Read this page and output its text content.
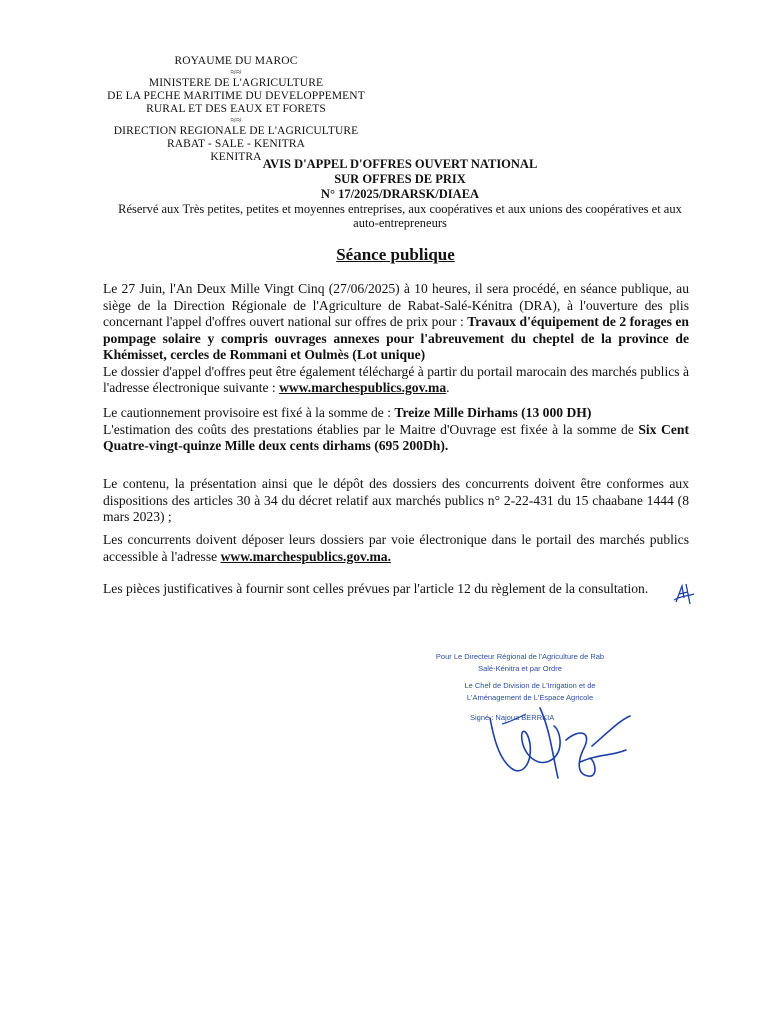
ROYAUME DU MAROC
≈≈
MINISTERE DE L'AGRICULTURE
DE LA PECHE MARITIME DU DEVELOPPEMENT
RURAL ET DES EAUX ET FORETS
≈≈
DIRECTION REGIONALE DE L'AGRICULTURE
RABAT - SALE - KENITRA
KENITRA AVIS D'APPEL D'OFFRES OUVERT NATIONAL
SUR OFFRES DE PRIX
N° 17/2025/DRARSK/DIAEA
Réservé aux Très petites, petites et moyennes entreprises, aux coopératives et aux unions des coopératives et aux
auto-entrepreneurs
Séance publique
Le 27 Juin, l'An Deux Mille Vingt Cinq (27/06/2025) à 10 heures, il sera procédé, en séance publique, au siège de la Direction Régionale de l'Agriculture de Rabat-Salé-Kénitra (DRA), à l'ouverture des plis concernant l'appel d'offres ouvert national sur offres de prix pour : Travaux d'équipement de 2 forages en pompage solaire y compris ouvrages annexes pour l'abreuvement du cheptel de la province de Khémisset, cercles de Rommani et Oulmès (Lot unique)
Le dossier d'appel d'offres peut être également téléchargé à partir du portail marocain des marchés publics à l'adresse électronique suivante : www.marchespublics.gov.ma.
Le cautionnement provisoire est fixé à la somme de : Treize Mille Dirhams (13 000 DH)
L'estimation des coûts des prestations établies par le Maitre d'Ouvrage est fixée à la somme de Six Cent Quatre-vingt-quinze Mille deux cents dirhams (695 200Dh).
Le contenu, la présentation ainsi que le dépôt des dossiers des concurrents doivent être conformes aux dispositions des articles 30 à 34 du décret relatif aux marchés publics n° 2-22-431 du 15 chaabane 1444 (8 mars 2023) ;
Les concurrents doivent déposer leurs dossiers par voie électronique dans le portail des marchés publics accessible à l'adresse www.marchespublics.gov.ma.
Les pièces justificatives à fournir sont celles prévues par l'article 12 du règlement de la consultation.
Pour Le Directeur Régional de l'Agriculture de Rab
Salé-Kénitra et par Ordre
Le Chef de Division de L'Irrigation et de
L'Aménagement de L'Espace Agricole
Signé : Najoua BERRKIA
